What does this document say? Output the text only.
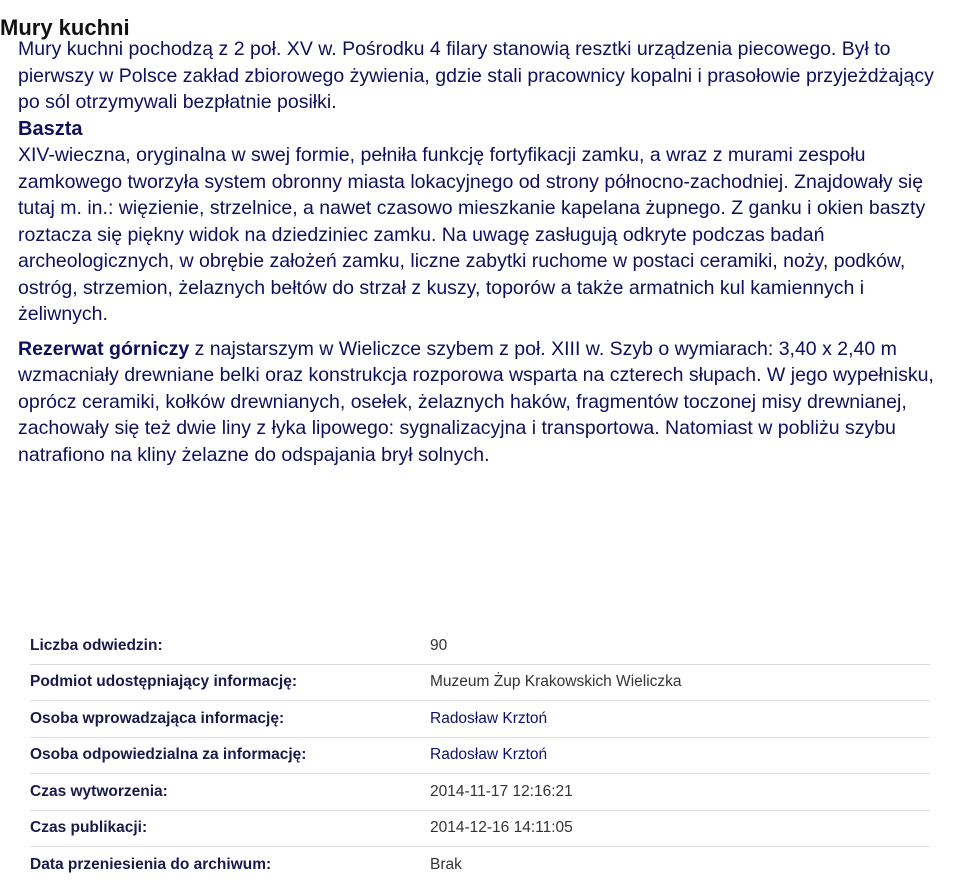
Mury kuchni

Mury kuchni pochodzą z 2 poł. XV w. Pośrodku 4 filary stanowią resztki urządzenia piecowego. Był to pierwszy w Polsce zakład zbiorowego żywienia, gdzie stali pracownicy kopalni i prasołowie przyjeżdżający po sól otrzymywali bezpłatnie posiłki.

Baszta

XIV-wieczna, oryginalna w swej formie, pełniła funkcję fortyfikacji zamku, a wraz z murami zespołu zamkowego tworzyła system obronny miasta lokacyjnego od strony północno-zachodniej. Znajdowały się tutaj m. in.: więzienie, strzelnice, a nawet czasowo mieszkanie kapelana żupnego. Z ganku i okien baszty roztacza się piękny widok na dziedziniec zamku. Na uwagę zasługują odkryte podczas badań archeologicznych, w obrębie założeń zamku, liczne zabytki ruchome w postaci ceramiki, noży, podków, ostróg, strzemion, żelaznych bełtów do strzał z kuszy, toporów a także armatnich kul kamiennych i żeliwnych.

Rezerwat górniczy z najstarszym w Wieliczce szybem z poł. XIII w. Szyb o wymiarach: 3,40 x 2,40 m wzmacniały drewniane belki oraz konstrukcja rozporowa wsparta na czterech słupach. W jego wypełnisku, oprócz ceramiki, kołków drewnianych, osełek, żelaznych haków, fragmentów toczonej misy drewnianej, zachowały się też dwie liny z łyka lipowego: sygnalizacyjna i transportowa. Natomiast w pobliżu szybu natrafiono na kliny żelazne do odspajania brył solnych.

Liczba odwiedzin:	90
Podmiot udostępniający informację:	Muzeum Żup Krakowskich Wieliczka
Osoba wprowadzająca informację:	Radosław Krztoń
Osoba odpowiedzialna za informację:	Radosław Krztoń
Czas wytworzenia:	2014-11-17 12:16:21
Czas publikacji:	2014-12-16 14:11:05
Data przeniesienia do archiwum:	Brak
